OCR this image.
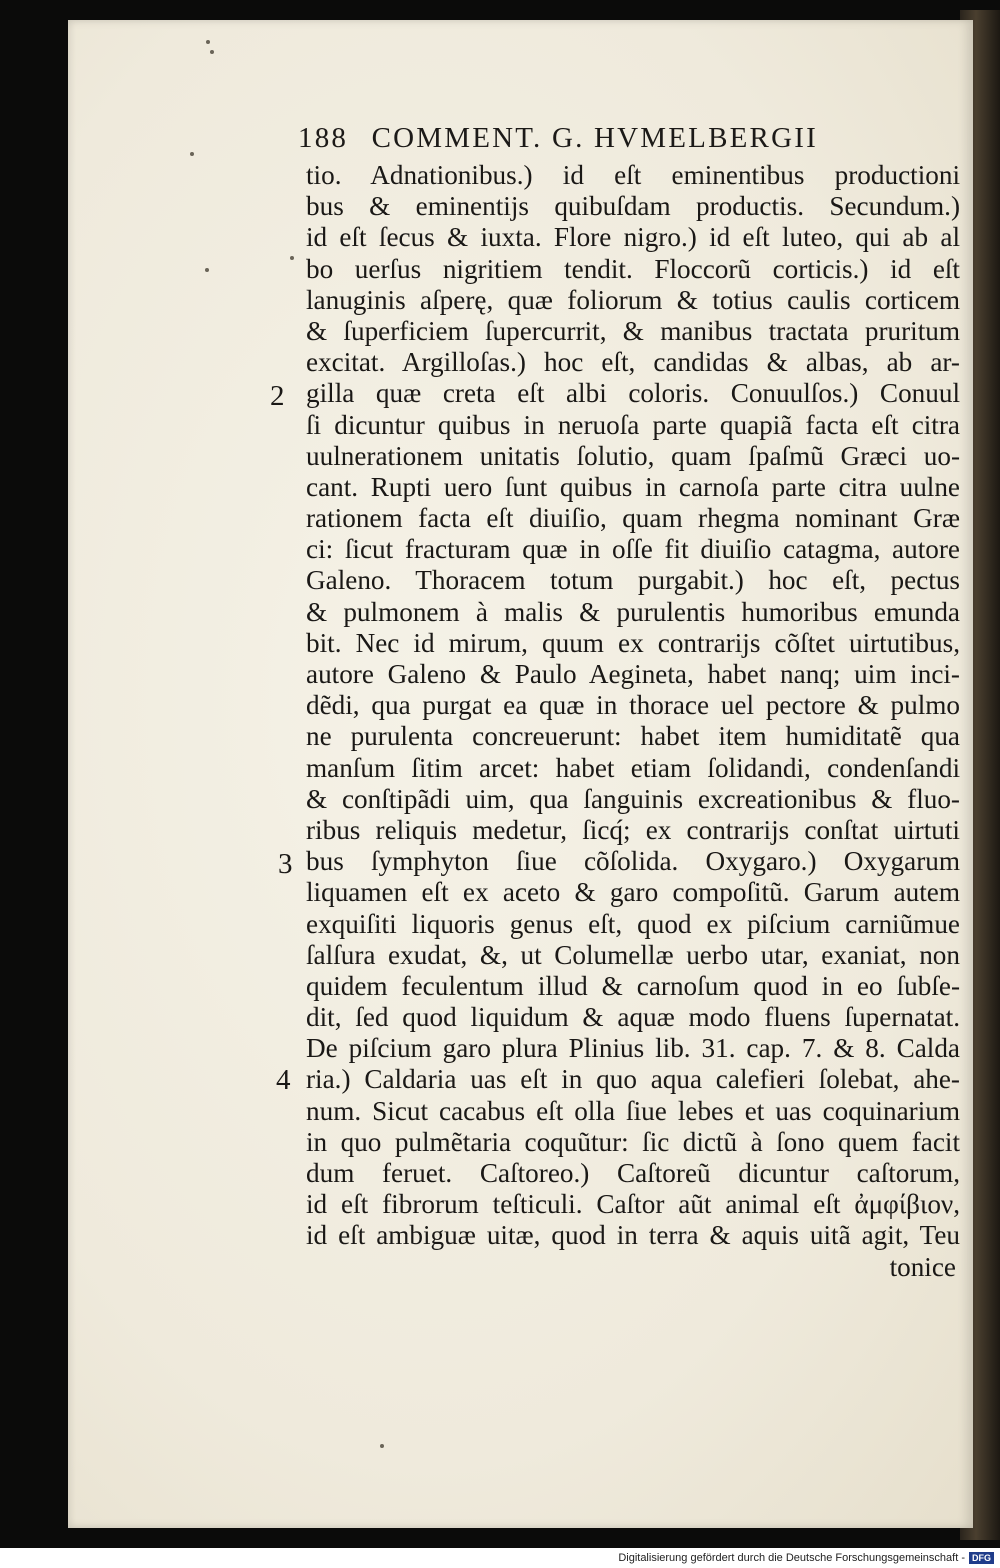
188 COMMENT. G. HVMELBERGII
2
3
4
tio. Adnationibus.) id eſt eminentibus productioni
bus & eminentijs quibuſdam productis. Secundum.)
id eſt ſecus & iuxta. Flore nigro.) id eſt luteo, qui ab al
bo uerſus nigritiem tendit. Floccorũ corticis.) id eſt
lanuginis aſperę, quæ foliorum & totius caulis corticem
& ſuperficiem ſupercurrit, & manibus tractata pruritum
excitat. Argilloſas.) hoc eſt, candidas & albas, ab ar-
gilla quæ creta eſt albi coloris. Conuulſos.) Conuul
ſi dicuntur quibus in neruoſa parte quapiã facta eſt citra
uulnerationem unitatis ſolutio, quam ſpaſmũ Græci uo-
cant. Rupti uero ſunt quibus in carnoſa parte citra uulne
rationem facta eſt diuiſio, quam rhegma nominant Græ
ci: ſicut fracturam quæ in oſſe fit diuiſio catagma, autore
Galeno. Thoracem totum purgabit.) hoc eſt, pectus
& pulmonem à malis & purulentis humoribus emunda
bit. Nec id mirum, quum ex contrarijs cõſtet uirtutibus,
autore Galeno & Paulo Aegineta, habet nanq; uim inci-
dẽdi, qua purgat ea quæ in thorace uel pectore & pulmo
ne purulenta concreuerunt: habet item humiditatẽ qua
manſum ſitim arcet: habet etiam ſolidandi, condenſandi
& conſtipãdi uim, qua ſanguinis excreationibus & fluo-
ribus reliquis medetur, ſicq́; ex contrarijs conſtat uirtuti
bus ſymphyton ſiue cõſolida. Oxygaro.) Oxygarum
liquamen eſt ex aceto & garo compoſitũ. Garum autem
exquiſiti liquoris genus eſt, quod ex piſcium carniũmue
ſalſura exudat, &, ut Columellæ uerbo utar, exaniat, non
quidem feculentum illud & carnoſum quod in eo ſubſe-
dit, ſed quod liquidum & aquæ modo fluens ſupernatat.
De piſcium garo plura Plinius lib. 31. cap. 7. & 8. Calda
ria.) Caldaria uas eſt in quo aqua calefieri ſolebat, ahe-
num. Sicut cacabus eſt olla ſiue lebes et uas coquinarium
in quo pulmẽtaria coquũtur: ſic dictũ à ſono quem facit
dum feruet. Caſtoreo.) Caſtoreũ dicuntur caſtorum,
id eſt fibrorum teſticuli. Caſtor aũt animal eſt ἀμφίβιον,
id eſt ambiguæ uitæ, quod in terra & aquis uitã agit, Teu
tonice
Digitalisierung gefördert durch die Deutsche Forschungsgemeinschaft - DFG
